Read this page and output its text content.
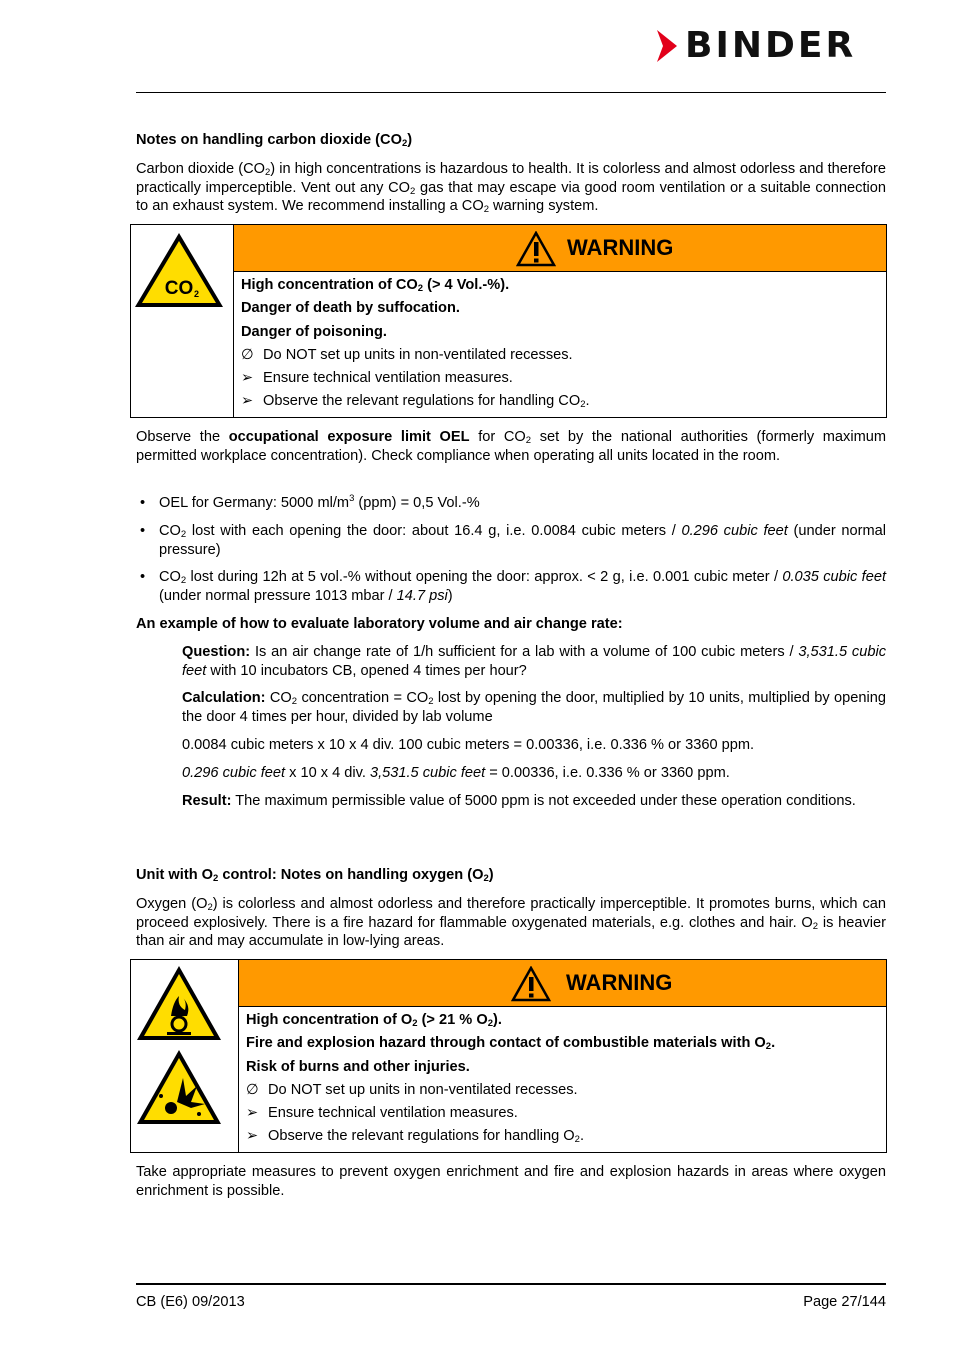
BINDER
Notes on handling carbon dioxide $(CO_2)$
Carbon dioxide $(CO_2)$ in high concentrations is hazardous to health. It is colorless and almost odorless and therefore practically imperceptible. Vent out any $CO_2$ gas that may escape via good room ventilation or a suitable connection to an exhaust system. We recommend installing a $CO_2$ warning system.
CO 2

WARNING

High concentration of $CO_2$ (> 4 Vol.-%).
Danger of death by suffocation.
Danger of poisoning.
∅ Do NOT set up units in non-ventilated recesses.
➢ Ensure technical ventilation measures.
➢ Observe the relevant regulations for handling $CO_2$.
Observe the occupational exposure limit OEL for $CO_2$ set by the national authorities (formerly maximum permitted workplace concentration). Check compliance when operating all units located in the room.
• OEL for Germany: 5000 $ml/m^3$ (ppm) = 0,5 Vol.-%
• $CO_2$ lost with each opening the door: about 16.4 g, i.e. 0.0084 cubic meters / 0.296 cubic feet (under normal pressure)
• $CO_2$ lost during 12h at 5 vol.-% without opening the door: approx. < 2 g, i.e. 0.001 cubic meter / 0.035 cubic feet (under normal pressure 1013 mbar / 14.7 psi)
An example of how to evaluate laboratory volume and air change rate:
Question: Is an air change rate of 1/h sufficient for a lab with a volume of 100 cubic meters / 3,531.5 cubic feet with 10 incubators CB, opened 4 times per hour?
Calculation: $CO_2$ concentration = $CO_2$ lost by opening the door, multiplied by 10 units, multiplied by opening the door 4 times per hour, divided by lab volume
0.0084 cubic meters x 10 x 4 div. 100 cubic meters = 0.00336, i.e. 0.336 % or 3360 ppm.
0.296 cubic feet x 10 x 4 div. 3,531.5 cubic feet = 0.00336, i.e. 0.336 % or 3360 ppm.
Result: The maximum permissible value of 5000 ppm is not exceeded under these operation conditions.
Unit with $O_2$ control: Notes on handling oxygen $(O_2)$
Oxygen $(O_2)$ is colorless and almost odorless and therefore practically imperceptible. It promotes burns, which can proceed explosively. There is a fire hazard for flammable oxygenated materials, e.g. clothes and hair. $O_2$ is heavier than air and may accumulate in low-lying areas.

WARNING

High concentration of $O_2$ (> 21 % $O_2$).
Fire and explosion hazard through contact of combustible materials with $O_2$.
Risk of burns and other injuries.
∅ Do NOT set up units in non-ventilated recesses.
➢ Ensure technical ventilation measures.
➢ Observe the relevant regulations for handling $O_2$.
Take appropriate measures to prevent oxygen enrichment and fire and explosion hazards in areas where oxygen enrichment is possible.
CB (E6) 09/2013	Page 27/144
